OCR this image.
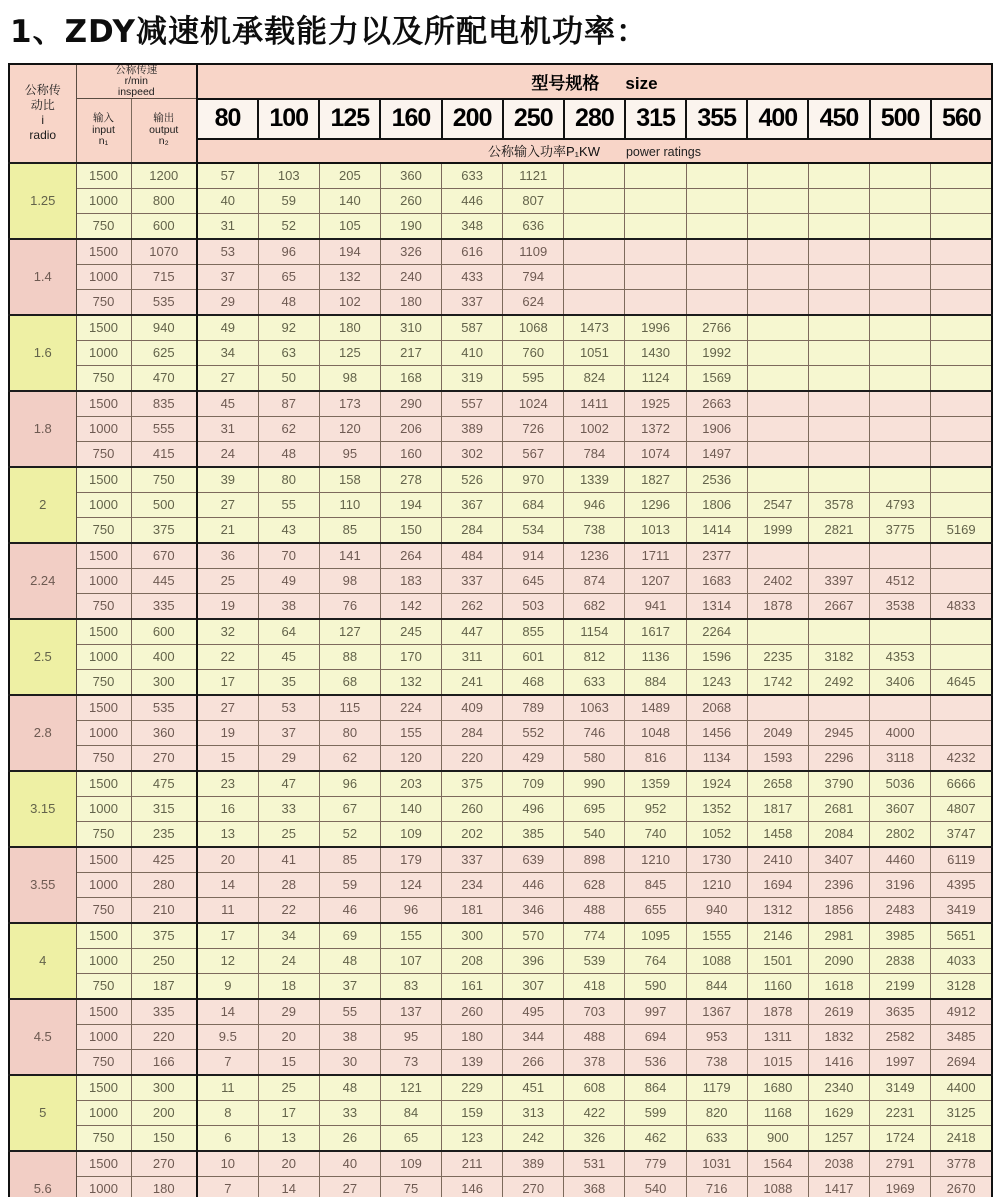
1、ZDY减速机承载能力以及所配电机功率：
公称传
动比
i
radio	公称传速
r/min
inspeed		型号规格 size												
	输入
input
n₁	输出
output
n₂	80	100	125	160	200	250	280	315	355	400	450	500	560
			公称输入功率P₁KW power ratings												
1.25	1500	1200	57	103	205	360	633	1121							
	1000	800	40	59	140	260	446	807							
	750	600	31	52	105	190	348	636							
1.4	1500	1070	53	96	194	326	616	1109							
	1000	715	37	65	132	240	433	794							
	750	535	29	48	102	180	337	624							
1.6	1500	940	49	92	180	310	587	1068	1473	1996	2766				
	1000	625	34	63	125	217	410	760	1051	1430	1992				
	750	470	27	50	98	168	319	595	824	1124	1569				
1.8	1500	835	45	87	173	290	557	1024	1411	1925	2663				
	1000	555	31	62	120	206	389	726	1002	1372	1906				
	750	415	24	48	95	160	302	567	784	1074	1497				
2	1500	750	39	80	158	278	526	970	1339	1827	2536				
	1000	500	27	55	110	194	367	684	946	1296	1806	2547	3578	4793	
	750	375	21	43	85	150	284	534	738	1013	1414	1999	2821	3775	5169
2.24	1500	670	36	70	141	264	484	914	1236	1711	2377				
	1000	445	25	49	98	183	337	645	874	1207	1683	2402	3397	4512	
	750	335	19	38	76	142	262	503	682	941	1314	1878	2667	3538	4833
2.5	1500	600	32	64	127	245	447	855	1154	1617	2264				
	1000	400	22	45	88	170	311	601	812	1136	1596	2235	3182	4353	
	750	300	17	35	68	132	241	468	633	884	1243	1742	2492	3406	4645
2.8	1500	535	27	53	115	224	409	789	1063	1489	2068				
	1000	360	19	37	80	155	284	552	746	1048	1456	2049	2945	4000	
	750	270	15	29	62	120	220	429	580	816	1134	1593	2296	3118	4232
3.15	1500	475	23	47	96	203	375	709	990	1359	1924	2658	3790	5036	6666
	1000	315	16	33	67	140	260	496	695	952	1352	1817	2681	3607	4807
	750	235	13	25	52	109	202	385	540	740	1052	1458	2084	2802	3747
3.55	1500	425	20	41	85	179	337	639	898	1210	1730	2410	3407	4460	6119
	1000	280	14	28	59	124	234	446	628	845	1210	1694	2396	3196	4395
	750	210	11	22	46	96	181	346	488	655	940	1312	1856	2483	3419
4	1500	375	17	34	69	155	300	570	774	1095	1555	2146	2981	3985	5651
	1000	250	12	24	48	107	208	396	539	764	1088	1501	2090	2838	4033
	750	187	9	18	37	83	161	307	418	590	844	1160	1618	2199	3128
4.5	1500	335	14	29	55	137	260	495	703	997	1367	1878	2619	3635	4912
	1000	220	9.5	20	38	95	180	344	488	694	953	1311	1832	2582	3485
	750	166	7	15	30	73	139	266	378	536	738	1015	1416	1997	2694
5	1500	300	11	25	48	121	229	451	608	864	1179	1680	2340	3149	4400
	1000	200	8	17	33	84	159	313	422	599	820	1168	1629	2231	3125
	750	150	6	13	26	65	123	242	326	462	633	900	1257	1724	2418
5.6	1500	270	10	20	40	109	211	389	531	779	1031	1564	2038	2791	3778
	1000	180	7	14	27	75	146	270	368	540	716	1088	1417	1969	2670
